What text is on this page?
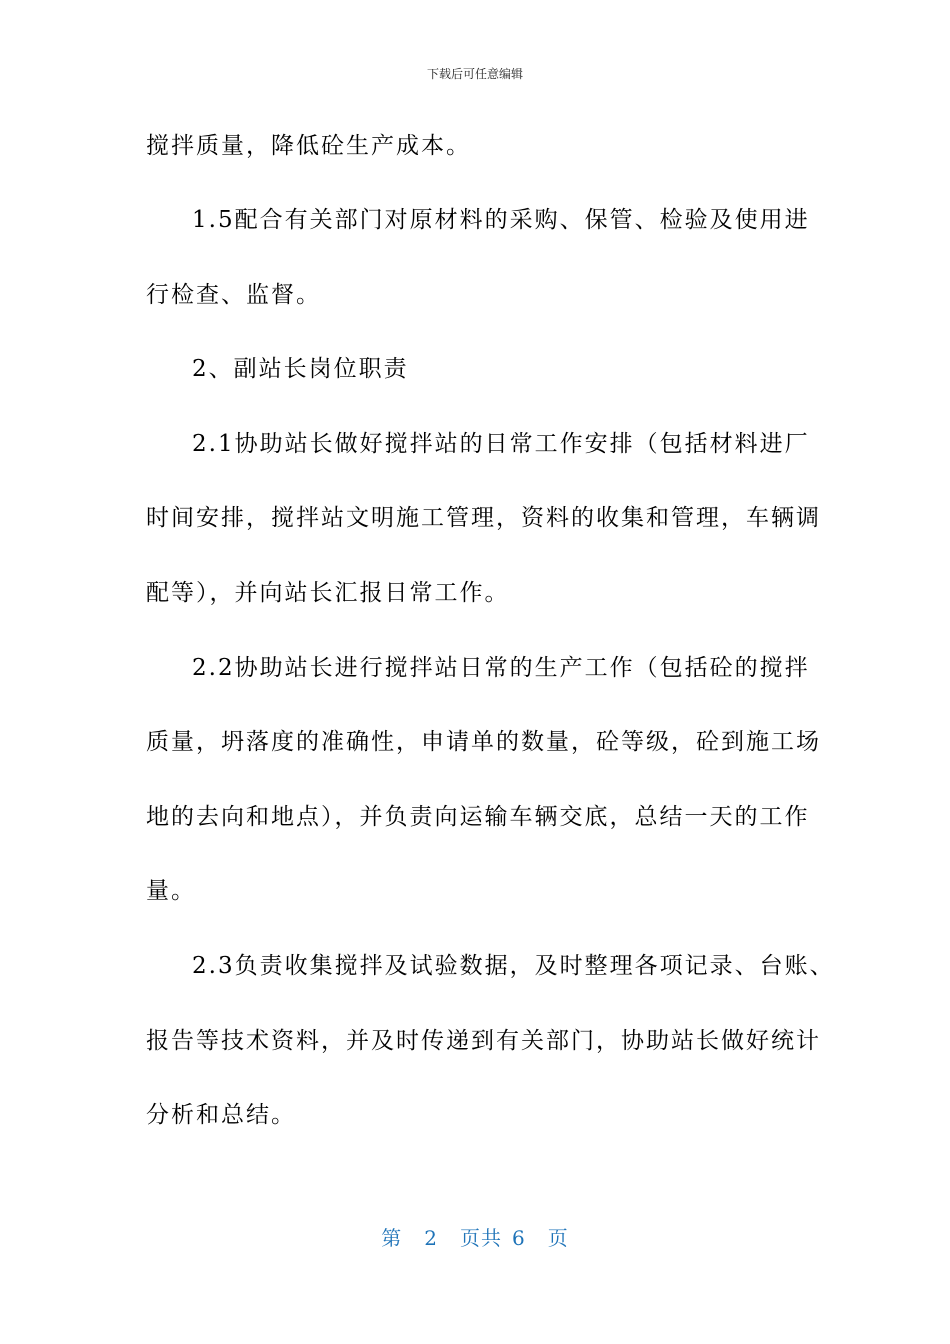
下载后可任意编辑
搅拌质量，降低砼生产成本。
1.5配合有关部门对原材料的采购、保管、检验及使用进
行检查、监督。
2、副站长岗位职责
2.1协助站长做好搅拌站的日常工作安排（包括材料进厂
时间安排，搅拌站文明施工管理，资料的收集和管理，车辆调
配等），并向站长汇报日常工作。
2.2协助站长进行搅拌站日常的生产工作（包括砼的搅拌
质量，坍落度的准确性，申请单的数量，砼等级，砼到施工场
地的去向和地点），并负责向运输车辆交底，总结一天的工作
量。
2.3负责收集搅拌及试验数据，及时整理各项记录、台账、
报告等技术资料，并及时传递到有关部门，协助站长做好统计
分析和总结。
第 2 页共 6 页
